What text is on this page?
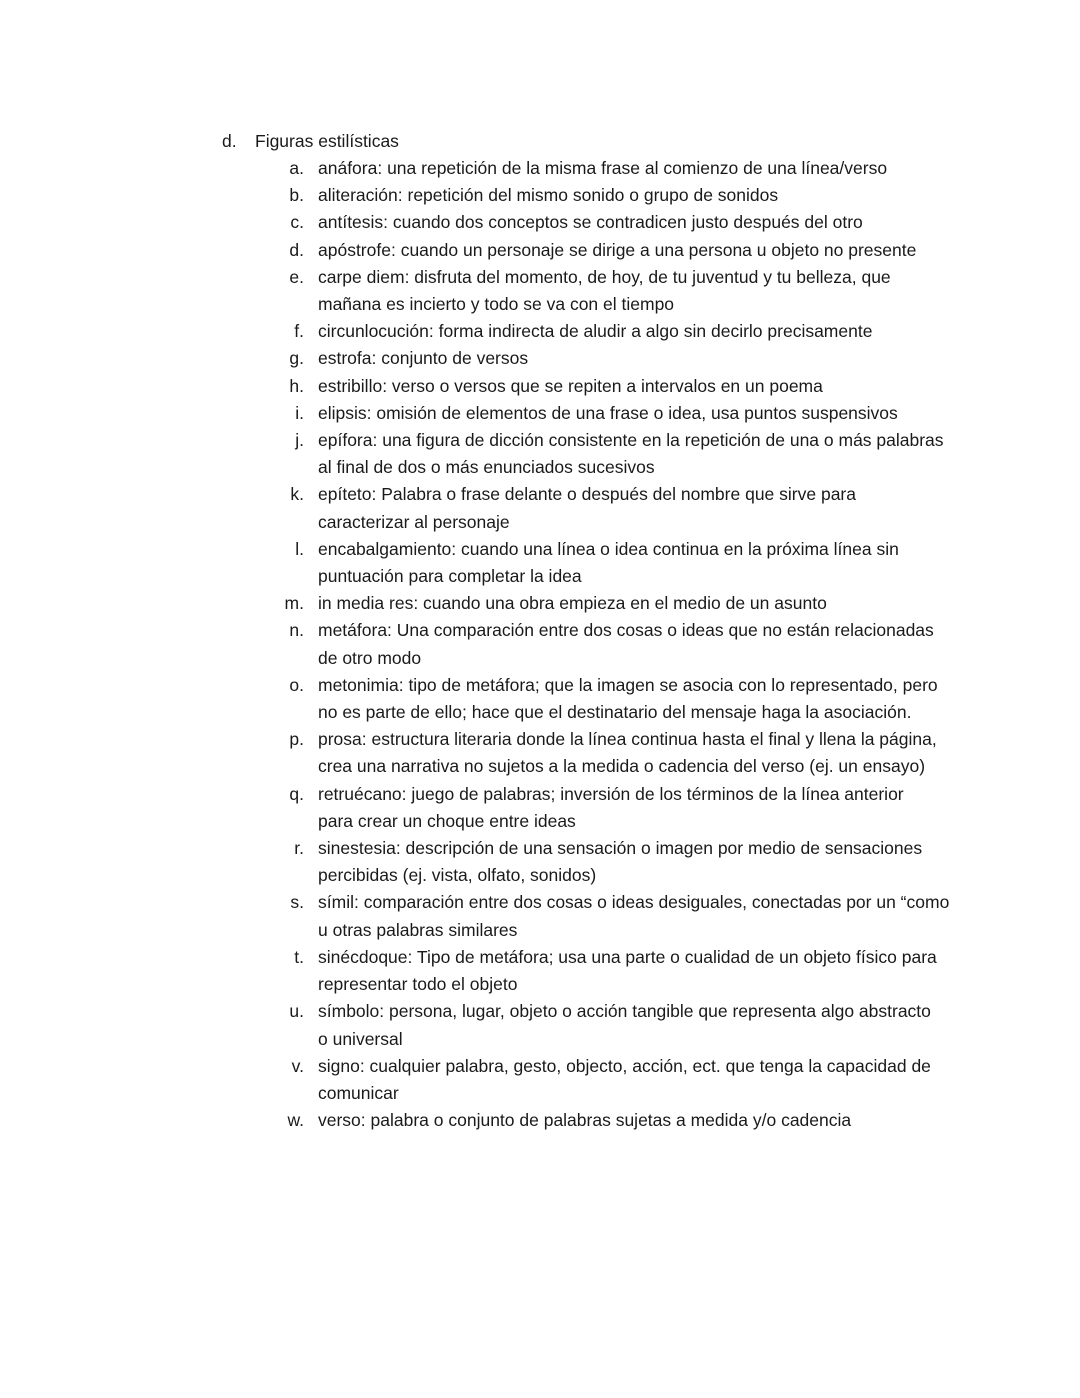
d.	Figuras estilísticas
a. anáfora: una repetición de la misma frase al comienzo de una línea/verso
b. aliteración: repetición del mismo sonido o grupo de sonidos
c. antítesis: cuando dos conceptos se contradicen justo después del otro
d. apóstrofe: cuando un personaje se dirige a una persona u objeto no presente
e. carpe diem: disfruta del momento, de hoy, de tu juventud y tu belleza, que
mañana es incierto y todo se va con el tiempo
f. circunlocución: forma indirecta de aludir a algo sin decirlo precisamente
g. estrofa: conjunto de versos
h. estribillo: verso o versos que se repiten a intervalos en un poema
i. elipsis: omisión de elementos de una frase o idea, usa puntos suspensivos
j. epífora: una figura de dicción consistente en la repetición de una o más palabras
al final de dos o más enunciados sucesivos
k. epíteto: Palabra o frase delante o después del nombre que sirve para
caracterizar al personaje
l. encabalgamiento: cuando una línea o idea continua en la próxima línea sin
puntuación para completar la idea
m. in media res: cuando una obra empieza en el medio de un asunto
n. metáfora: Una comparación entre dos cosas o ideas que no están relacionadas
de otro modo
o. metonimia: tipo de metáfora; que la imagen se asocia con lo representado, pero
no es parte de ello; hace que el destinatario del mensaje haga la asociación.
p. prosa: estructura literaria donde la línea continua hasta el final y llena la página,
crea una narrativa no sujetos a la medida o cadencia del verso (ej. un ensayo)
q. retruécano: juego de palabras; inversión de los términos de la línea anterior
para crear un choque entre ideas
r. sinestesia: descripción de una sensación o imagen por medio de sensaciones
percibidas (ej. vista, olfato, sonidos)
s. símil: comparación entre dos cosas o ideas desiguales, conectadas por un “como
u otras palabras similares
t. sinécdoque: Tipo de metáfora; usa una parte o cualidad de un objeto físico para
representar todo el objeto
u. símbolo: persona, lugar, objeto o acción tangible que representa algo abstracto
o universal
v. signo: cualquier palabra, gesto, objecto, acción, ect. que tenga la capacidad de
comunicar
w. verso: palabra o conjunto de palabras sujetas a medida y/o cadencia
